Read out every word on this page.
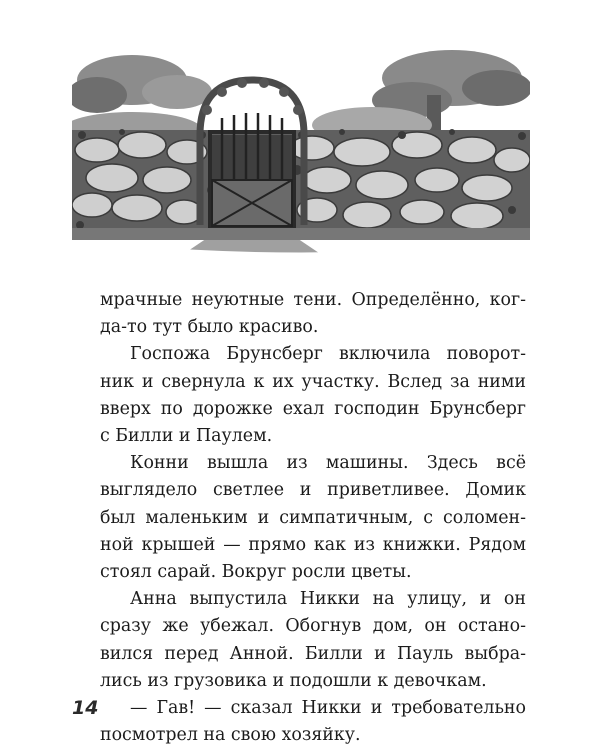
мрачные неуютные тени. Определённо, ког-
да-то тут было красиво.

Госпожа Брунсберг включила поворот-
ник и свернула к их участку. Вслед за ними
вверх по дорожке ехал господин Брунсберг
с Билли и Паулем.

Конни вышла из машины. Здесь всё
выглядело светлее и приветливее. Домик
был маленьким и симпатичным, с соломен-
ной крышей — прямо как из книжки. Рядом
стоял сарай. Вокруг росли цветы.

Анна выпустила Никки на улицу, и он
сразу же убежал. Обогнув дом, он остано-
вился перед Анной. Билли и Пауль выбра-
лись из грузовика и подошли к девочкам.

— Гав! — сказал Никки и требовательно
посмотрел на свою хозяйку.

14
